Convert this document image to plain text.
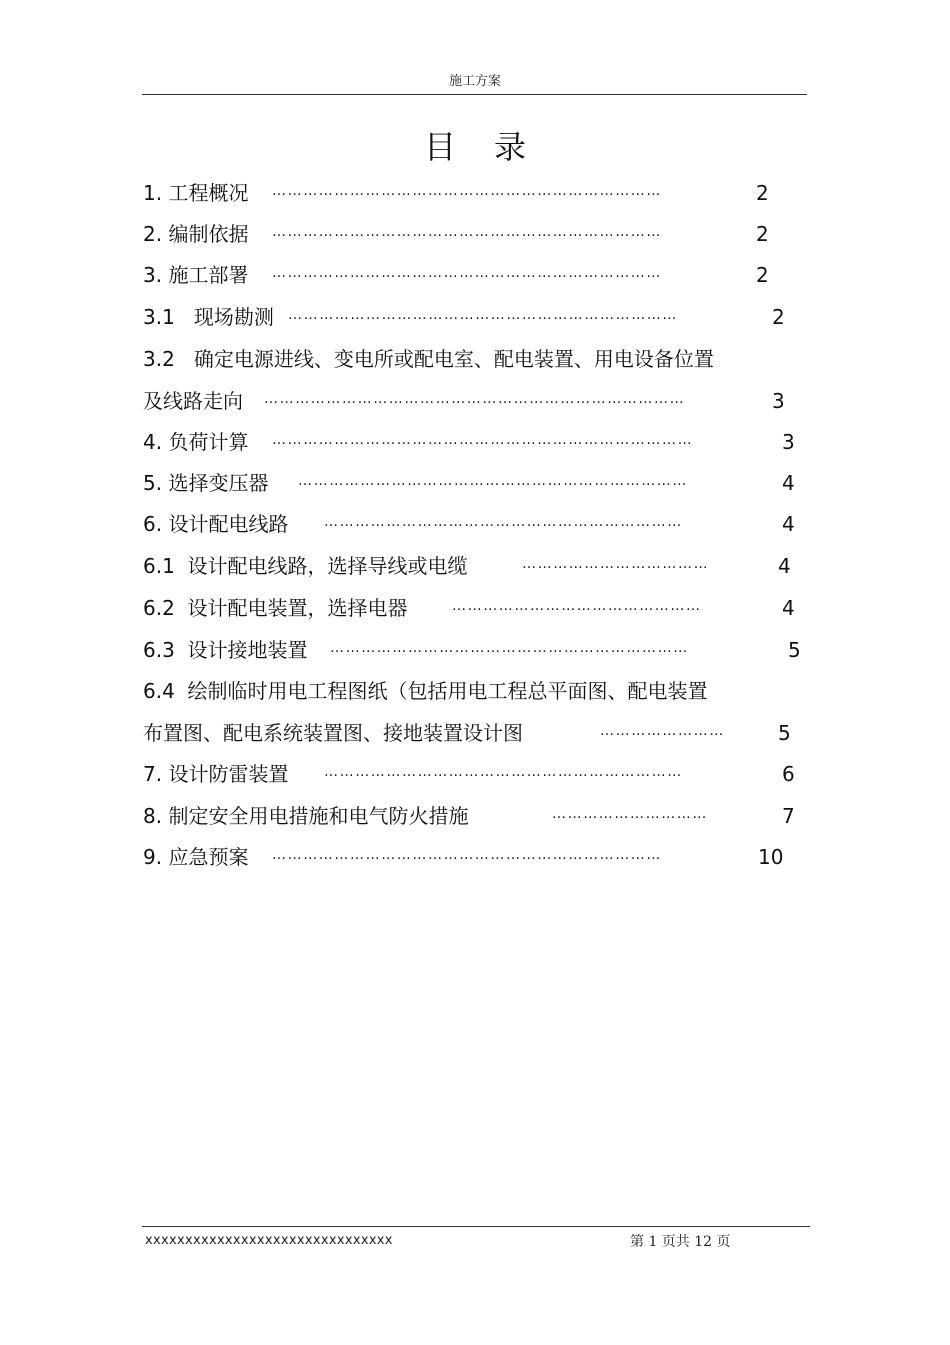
施工方案
目录
1. 工程概况 …………………………………………………………………	2
2. 编制依据 …………………………………………………………………	2
3. 施工部署 …………………………………………………………………	2
3.1   现场勘测 …………………………………………………………………	2
3.2   确定电源进线、变电所或配电室、配电装置、用电设备位置
及线路走向 ………………………………………………………………………	3
4. 负荷计算 ………………………………………………………………………	3
5. 选择变压器 …………………………………………………………………	4
6. 设计配电线路	……………………………………………………………	4
6.1  设计配电线路，选择导线或电缆	………………………………	4
6.2  设计配电装置，选择电器	…………………………………………	4
6.3  设计接地装置 ……………………………………………………………	5
6.4  绘制临时用电工程图纸（包括用电工程总平面图、配电装置
布置图、配电系统装置图、接地装置设计图	……………………	5
7. 设计防雷装置	……………………………………………………………	6
8. 制定安全用电措施和电气防火措施	…………………………	7
9. 应急预案 …………………………………………………………………	10
xxxxxxxxxxxxxxxxxxxxxxxxxxxxxxx	第 1 页共 12 页
